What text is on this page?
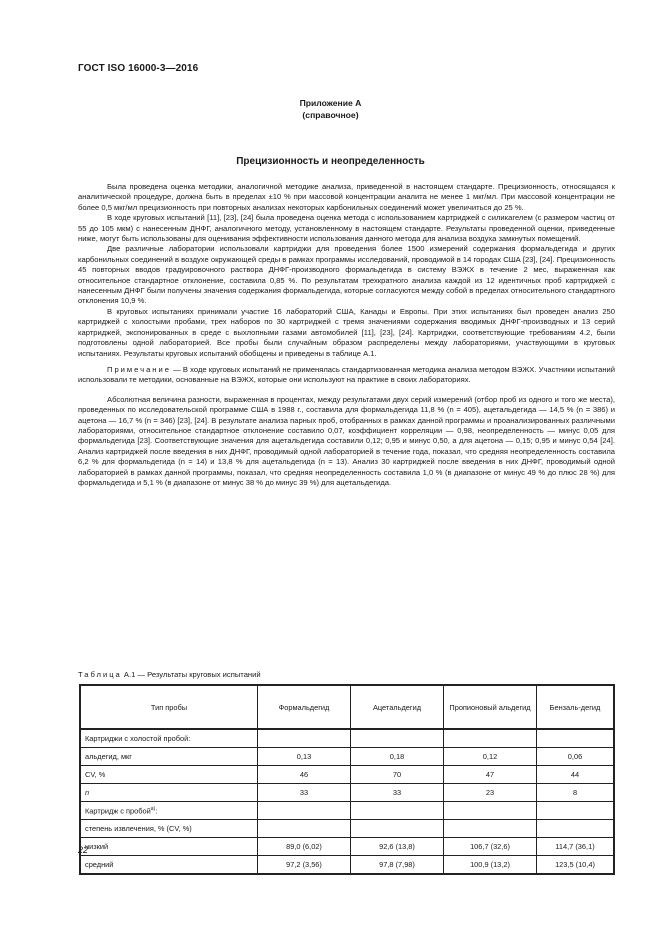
ГОСТ ISO 16000-3—2016
Приложение А
(справочное)
Прецизионность и неопределенность

Была проведена оценка методики, аналогичной методике анализа, приведенной в настоящем стандарте. Прецизионность, относящаяся к аналитической процедуре, должна быть в пределах ±10 % при массовой концентрации аналита не менее 1 мкг/мл. При массовой концентрации не более 0,5 мкг/мл прецизионность при повторных анализах некоторых карбонильных соединений может увеличиться до 25 %.

В ходе круговых испытаний [11], [23], [24] была проведена оценка метода с использованием картриджей с силикагелем (с размером частиц от 55 до 105 мкм) с нанесенным ДНФГ, аналогичного методу, установленному в настоящем стандарте. Результаты проведенной оценки, приведенные ниже, могут быть использованы для оценивания эффективности использования данного метода для анализа воздуха замкнутых помещений.

Две различные лаборатории использовали картриджи для проведения более 1500 измерений содержания формальдегида и других карбонильных соединений в воздухе окружающей среды в рамках программы исследований, проводимой в 14 городах США [23], [24]. Прецизионность 45 повторных вводов градуировочного раствора ДНФГ-производного формальдегида в систему ВЭЖХ в течение 2 мес, выраженная как относительное стандартное отклонение, составила 0,85 %. По результатам трехкратного анализа каждой из 12 идентичных проб картриджей с нанесенным ДНФГ были получены значения содержания формальдегида, которые согласуются между собой в пределах относительного стандартного отклонения 10,9 %.

В круговых испытаниях принимали участие 16 лабораторий США, Канады и Европы. При этих испытаниях был проведен анализ 250 картриджей с холостыми пробами, трех наборов по 30 картриджей с тремя значениями содержания вводимых ДНФГ-производных и 13 серий картриджей, экспонированных в среде с выхлопными газами автомобилей [11], [23], [24]. Картриджи, соответствующие требованиям 4.2, были подготовлены одной лабораторией. Все пробы были случайным образом распределены между лабораториями, участвующими в круговых испытаниях. Результаты круговых испытаний обобщены и приведены в таблице А.1.

Примечание — В ходе круговых испытаний не применялась стандартизованная методика анализа методом ВЭЖХ. Участники испытаний использовали те методики, основанные на ВЭЖХ, которые они используют на практике в своих лабораториях.

Абсолютная величина разности, выраженная в процентах, между результатами двух серий измерений (отбор проб из одного и того же места), проведенных по исследовательской программе США в 1988 г., составила для формальдегида 11,8 % (n = 405), ацетальдегида — 14,5 % (n = 386) и ацетона — 16,7 % (n = 346) [23], [24]. В результате анализа парных проб, отобранных в рамках данной программы и проанализированных различными лабораториями, относительное стандартное отклонение составило 0,07, коэффициент корреляции — 0,98, неопределенность — минус 0,05 для формальдегида [23]. Соответствующие значения для ацетальдегида составили 0,12; 0,95 и минус 0,50, а для ацетона — 0,15; 0,95 и минус 0,54 [24]. Анализ картриджей после введения в них ДНФГ, проводимый одной лабораторией в течение года, показал, что средняя неопределенность составила 6,2 % для формальдегида (n = 14) и 13,8 % для ацетальдегида (n = 13). Анализ 30 картриджей после введения в них ДНФГ, проводимый одной лабораторией в рамках данной программы, показал, что средняя неопределенность составила 1,0 % (в диапазоне от минус 49 % до плюс 28 %) для формальдегида и 5,1 % (в диапазоне от минус 38 % до минус 39 %) для ацетальдегида.

Таблица А.1 — Результаты круговых испытаний
Тип пробы	Формальдегид	Ацетальдегид	Пропионовый альдегид	Бензаль-дегид
Картриджи с холостой пробой:				
альдегид, мкг	0,13	0,18	0,12	0,06
CV, %	46	70	47	44
n	33	33	23	8
Картридж с пробой$^{а)}$:				
степень извлечения, % (CV, %)				
низкий	89,0 (6,02)	92,6 (13,8)	106,7 (32,6)	114,7 (36,1)
средний	97,2 (3,56)	97,8 (7,98)	100,9 (13,2)	123,5 (10,4)
22
